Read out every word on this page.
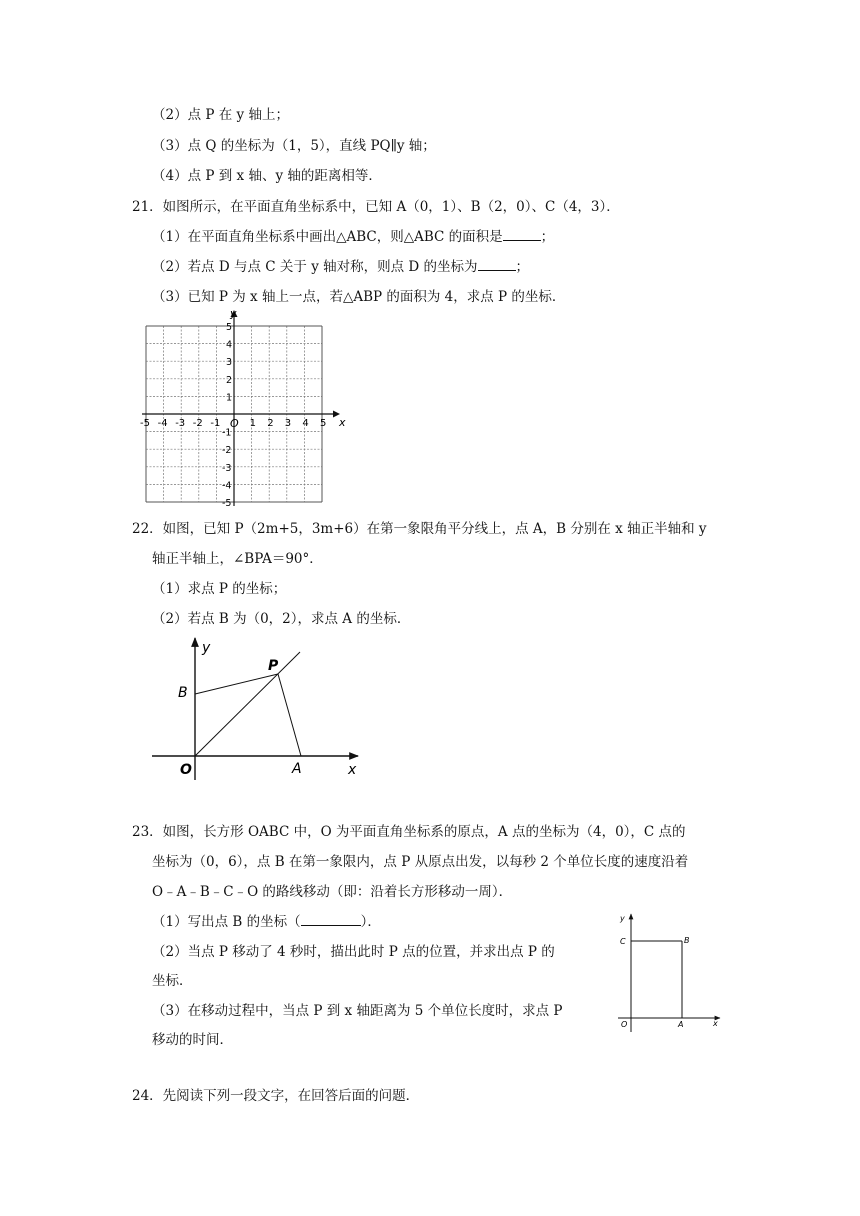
（2）点 P 在 y 轴上；
（3）点 Q 的坐标为（1，5），直线 PQ∥y 轴；
（4）点 P 到 x 轴、y 轴的距离相等．
21．如图所示，在平面直角坐标系中，已知 A（0，1）、B（2，0）、C（4，3）．
（1）在平面直角坐标系中画出△ABC，则△ABC 的面积是	；
（2）若点 D 与点 C 关于 y 轴对称，则点 D 的坐标为	；
（3）已知 P 为 x 轴上一点，若△ABP 的面积为 4，求点 P 的坐标．
-5 -4 -3 -2 -1	1 2 3 4 5
5
4
3
2
1
-1
-2
-3
-4
-5
x
y
O
22．如图，已知 P（2m+5，3m+6）在第一象限角平分线上，点 A，B 分别在 x 轴正半轴和 y
轴正半轴上，∠BPA＝90°．
（1）求点 P 的坐标；
（2）若点 B 为（0，2），求点 A 的坐标．
y
x
O	A
B
P
23．如图，长方形 OABC 中，O 为平面直角坐标系的原点，A 点的坐标为（4，0），C 点的
坐标为（0，6），点 B 在第一象限内，点 P 从原点出发，以每秒 2 个单位长度的速度沿着
O﹣A﹣B﹣C﹣O 的路线移动（即：沿着长方形移动一周）．
（1）写出点 B 的坐标（	）．
（2）当点 P 移动了 4 秒时，描出此时 P 点的位置，并求出点 P 的
坐标．
（3）在移动过程中，当点 P 到 x 轴距离为 5 个单位长度时，求点 P
移动的时间．
y
x
C	B
O	A
24．先阅读下列一段文字，在回答后面的问题．
